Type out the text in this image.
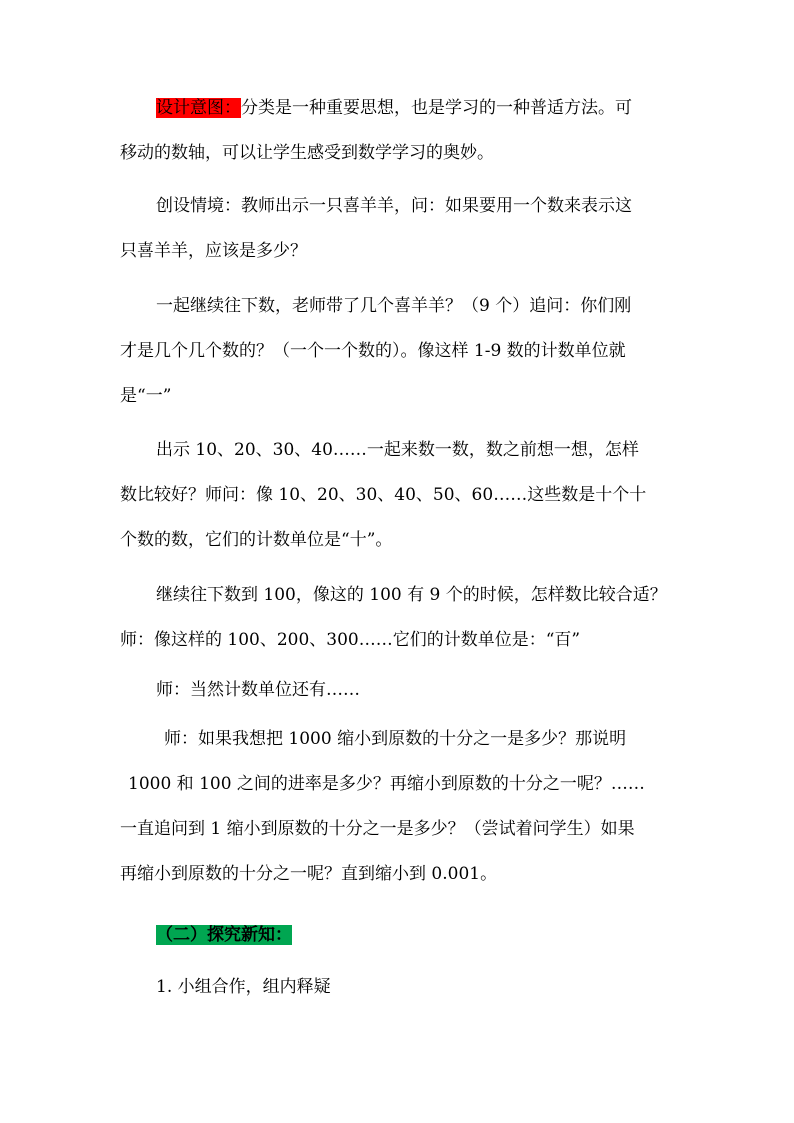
设计意图：分类是一种重要思想，也是学习的一种普适方法。可
移动的数轴，可以让学生感受到数学学习的奥妙。
创设情境：教师出示一只喜羊羊，问：如果要用一个数来表示这
只喜羊羊，应该是多少？
一起继续往下数，老师带了几个喜羊羊？（9 个）追问：你们刚
才是几个几个数的？（一个一个数的）。像这样 1-9 数的计数单位就
是“一”
出示 10、20、30、40……一起来数一数，数之前想一想，怎样
数比较好？师问：像 10、20、30、40、50、60……这些数是十个十
个数的数，它们的计数单位是“十”。
继续往下数到 100，像这的 100 有 9 个的时候，怎样数比较合适？
师：像这样的 100、200、300……它们的计数单位是：“百”
师：当然计数单位还有……
师：如果我想把 1000 缩小到原数的十分之一是多少？那说明
1000 和 100 之间的进率是多少？再缩小到原数的十分之一呢？……
一直追问到 1 缩小到原数的十分之一是多少？（尝试着问学生）如果
再缩小到原数的十分之一呢？直到缩小到 0.001。
（二）探究新知：
1. 小组合作，组内释疑
